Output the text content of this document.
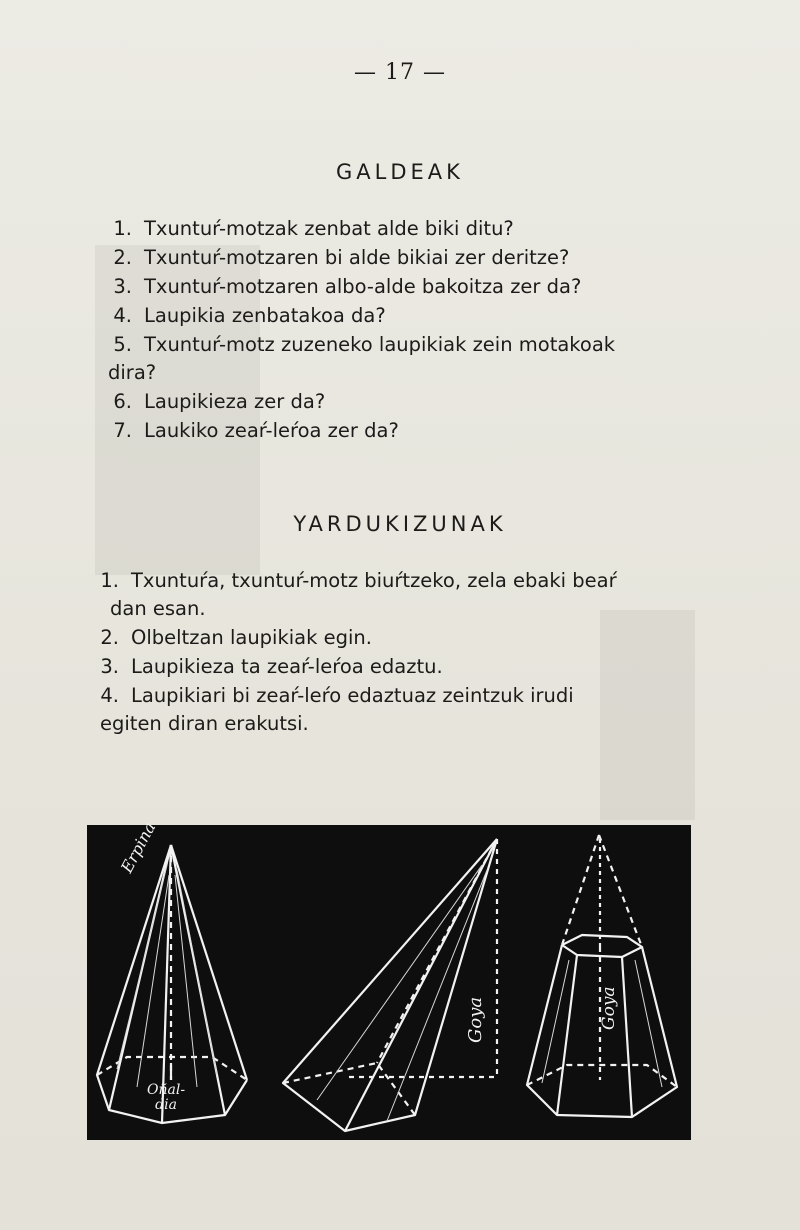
— 17 —
GALDEAK
1. Txuntuŕ-motzak zenbat alde biki ditu?
2. Txuntuŕ-motzaren bi alde bikiai zer deritze?
3. Txuntuŕ-motzaren albo-alde bakoitza zer da?
4. Laupikia zenbatakoa da?
5. Txuntuŕ-motz zuzeneko laupikiak zein motakoak
dira?
6. Laupikieza zer da?
7. Laukiko zeaŕ-leŕoa zer da?
YARDUKIZUNAK
1. Txuntuŕa, txuntuŕ-motz biuŕtzeko, zela ebaki beaŕ
dan esan.
2. Olbeltzan laupikiak egin.
3. Laupikieza ta zeaŕ-leŕoa edaztu.
4. Laupikiari bi zeaŕ-leŕo edaztuaz zeintzuk irudi
egiten diran erakutsi.
Erpina
Oñal-
dia
Goya	Goya
